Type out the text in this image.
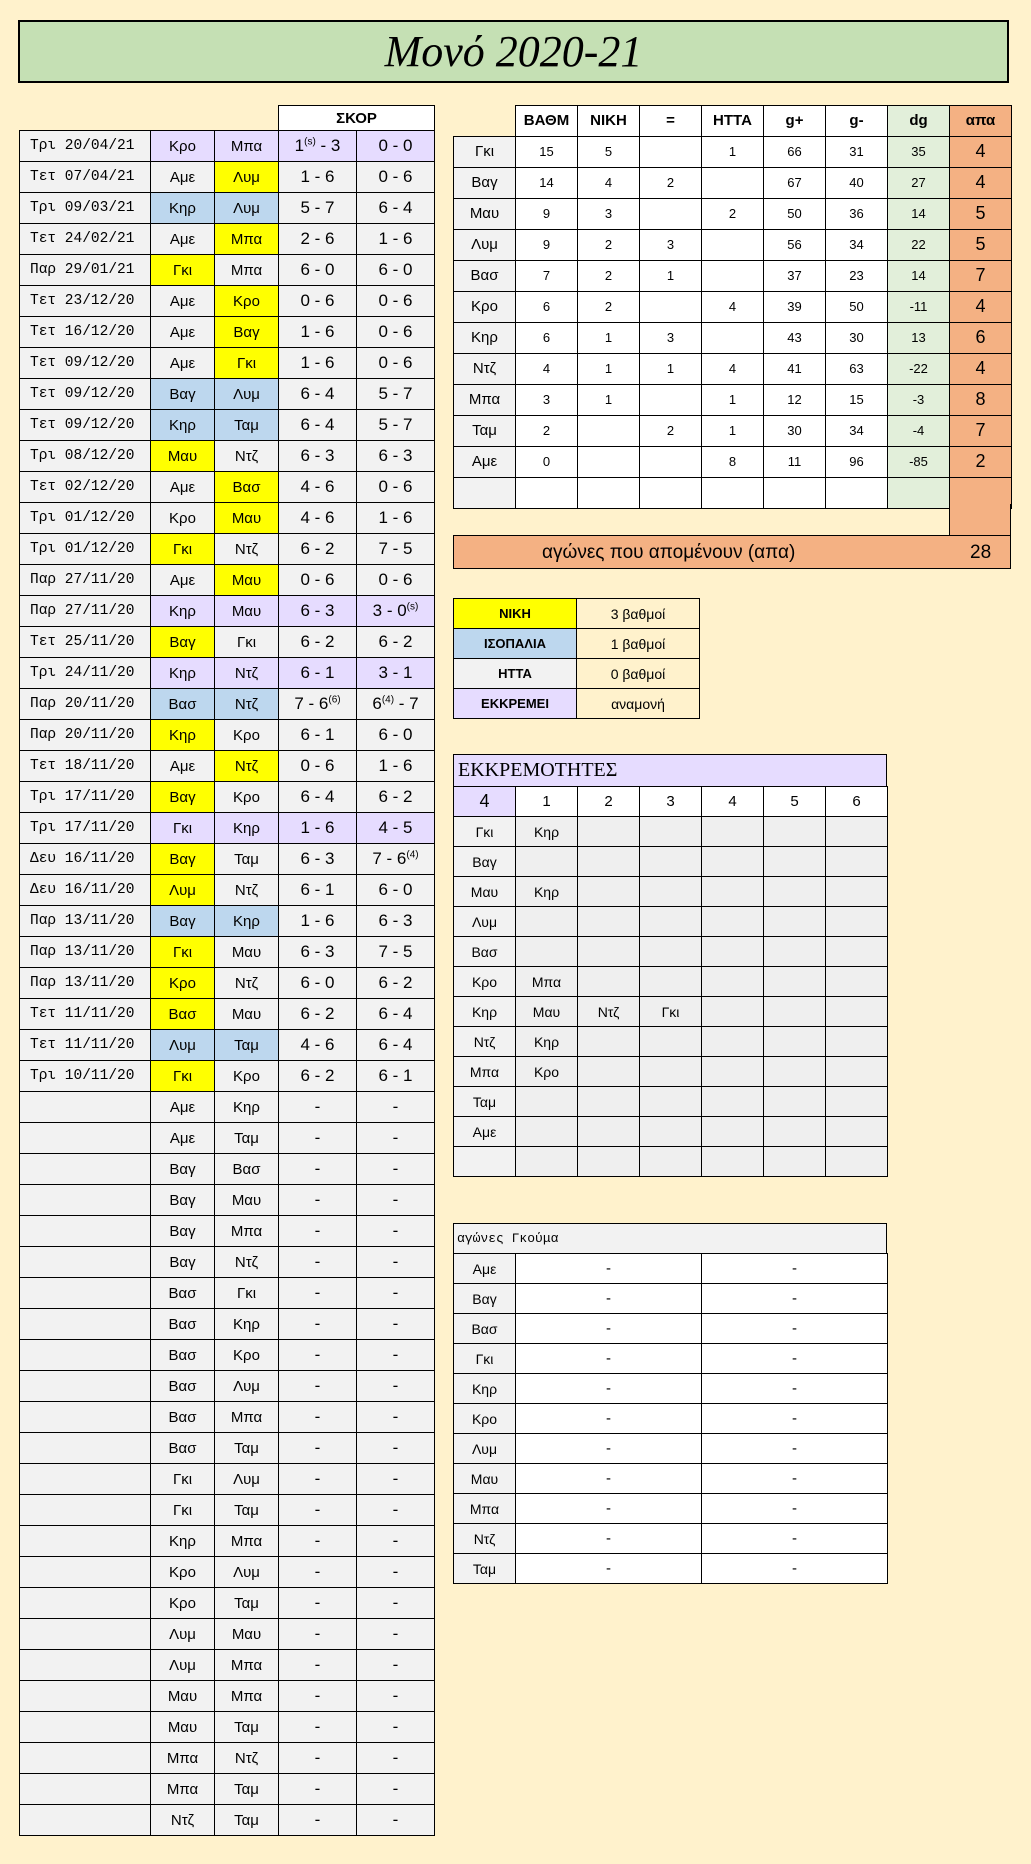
Μονό 2020-21
			ΣΚΟΡ	
Τρι 20/04/21	Κρο	Μπα	1$^{(s)}$ - 3	0 - 0
Τετ 07/04/21	Αμε	Λυμ	1 - 6	0 - 6
Τρι 09/03/21	Κηρ	Λυμ	5 - 7	6 - 4
Τετ 24/02/21	Αμε	Μπα	2 - 6	1 - 6
Παρ 29/01/21	Γκι	Μπα	6 - 0	6 - 0
Τετ 23/12/20	Αμε	Κρο	0 - 6	0 - 6
Τετ 16/12/20	Αμε	Βαγ	1 - 6	0 - 6
Τετ 09/12/20	Αμε	Γκι	1 - 6	0 - 6
Τετ 09/12/20	Βαγ	Λυμ	6 - 4	5 - 7
Τετ 09/12/20	Κηρ	Ταμ	6 - 4	5 - 7
Τρι 08/12/20	Μαυ	Ντζ	6 - 3	6 - 3
Τετ 02/12/20	Αμε	Βασ	4 - 6	0 - 6
Τρι 01/12/20	Κρο	Μαυ	4 - 6	1 - 6
Τρι 01/12/20	Γκι	Ντζ	6 - 2	7 - 5
Παρ 27/11/20	Αμε	Μαυ	0 - 6	0 - 6
Παρ 27/11/20	Κηρ	Μαυ	6 - 3	3 - 0$^{(s)}$
Τετ 25/11/20	Βαγ	Γκι	6 - 2	6 - 2
Τρι 24/11/20	Κηρ	Ντζ	6 - 1	3 - 1
Παρ 20/11/20	Βασ	Ντζ	7 - 6$^{(6)}$	6$^{(4)}$ - 7
Παρ 20/11/20	Κηρ	Κρο	6 - 1	6 - 0
Τετ 18/11/20	Αμε	Ντζ	0 - 6	1 - 6
Τρι 17/11/20	Βαγ	Κρο	6 - 4	6 - 2
Τρι 17/11/20	Γκι	Κηρ	1 - 6	4 - 5
Δευ 16/11/20	Βαγ	Ταμ	6 - 3	7 - 6$^{(4)}$
Δευ 16/11/20	Λυμ	Ντζ	6 - 1	6 - 0
Παρ 13/11/20	Βαγ	Κηρ	1 - 6	6 - 3
Παρ 13/11/20	Γκι	Μαυ	6 - 3	7 - 5
Παρ 13/11/20	Κρο	Ντζ	6 - 0	6 - 2
Τετ 11/11/20	Βασ	Μαυ	6 - 2	6 - 4
Τετ 11/11/20	Λυμ	Ταμ	4 - 6	6 - 4
Τρι 10/11/20	Γκι	Κρο	6 - 2	6 - 1
	Αμε	Κηρ	-	-
	Αμε	Ταμ	-	-
	Βαγ	Βασ	-	-
	Βαγ	Μαυ	-	-
	Βαγ	Μπα	-	-
	Βαγ	Ντζ	-	-
	Βασ	Γκι	-	-
	Βασ	Κηρ	-	-
	Βασ	Κρο	-	-
	Βασ	Λυμ	-	-
	Βασ	Μπα	-	-
	Βασ	Ταμ	-	-
	Γκι	Λυμ	-	-
	Γκι	Ταμ	-	-
	Κηρ	Μπα	-	-
	Κρο	Λυμ	-	-
	Κρο	Ταμ	-	-
	Λυμ	Μαυ	-	-
	Λυμ	Μπα	-	-
	Μαυ	Μπα	-	-
	Μαυ	Ταμ	-	-
	Μπα	Ντζ	-	-
	Μπα	Ταμ	-	-
	Ντζ	Ταμ	-	-
	ΒΑΘΜ	ΝΙΚΗ	=	ΗΤΤΑ	g+	g-	dg	απα
Γκι	15	5		1	66	31	35	4
Βαγ	14	4	2		67	40	27	4
Μαυ	9	3		2	50	36	14	5
Λυμ	9	2	3		56	34	22	5
Βασ	7	2	1		37	23	14	7
Κρο	6	2		4	39	50	-11	4
Κηρ	6	1	3		43	30	13	6
Ντζ	4	1	1	4	41	63	-22	4
Μπα	3	1		1	12	15	-3	8
Ταμ	2		2	1	30	34	-4	7
Αμε	0			8	11	96	-85	2

αγώνες που απομένουν (απα)	28
ΝΙΚΗ	3 βαθμοί
ΙΣΟΠΑΛΙΑ	1 βαθμοί
ΗΤΤΑ	0 βαθμοί
ΕΚΚΡΕΜΕΙ	αναμονή
ΕΚΚΡΕΜΟΤΗΤΕΣ
4	1	2	3	4	5	6
Γκι	Κηρ					
Βαγ						
Μαυ	Κηρ					
Λυμ						
Βασ						
Κρο	Μπα					
Κηρ	Μαυ	Ντζ	Γκι			
Ντζ	Κηρ					
Μπα	Κρο					
Ταμ						
Αμε						

αγώνες Γκούμα
Αμε	-	-
Βαγ	-	-
Βασ	-	-
Γκι	-	-
Κηρ	-	-
Κρο	-	-
Λυμ	-	-
Μαυ	-	-
Μπα	-	-
Ντζ	-	-
Ταμ	-	-
